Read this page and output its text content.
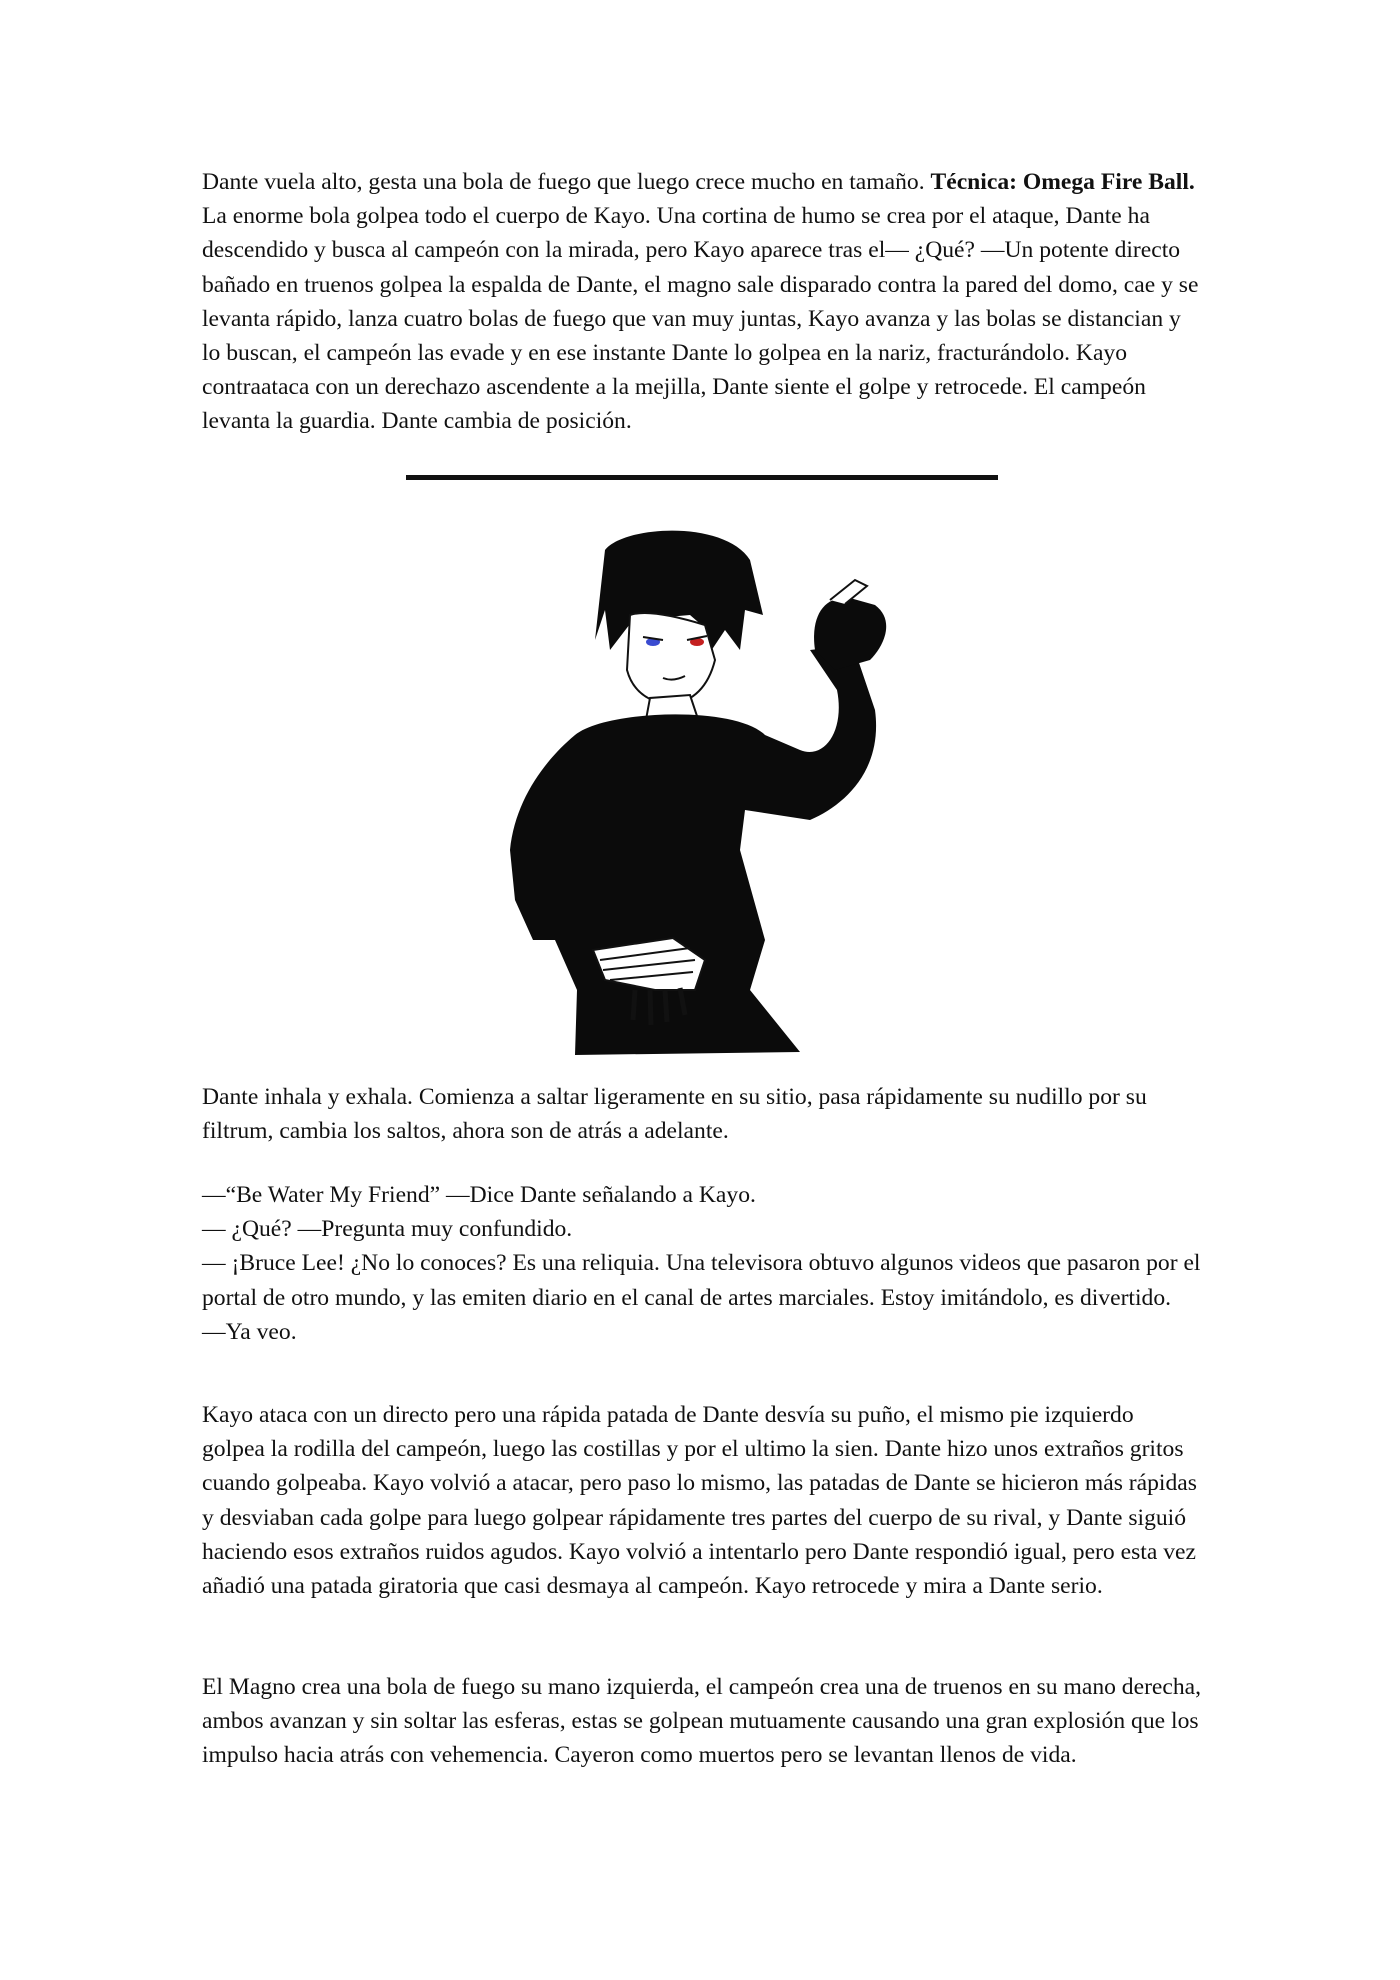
Dante vuela alto, gesta una bola de fuego que luego crece mucho en tamaño. Técnica: Omega Fire Ball. La enorme bola golpea todo el cuerpo de Kayo. Una cortina de humo se crea por el ataque, Dante ha descendido y busca al campeón con la mirada, pero Kayo aparece tras el— ¿Qué? —Un potente directo bañado en truenos golpea la espalda de Dante, el magno sale disparado contra la pared del domo, cae y se levanta rápido, lanza cuatro bolas de fuego que van muy juntas, Kayo avanza y las bolas se distancian y lo buscan, el campeón las evade y en ese instante Dante lo golpea en la nariz, fracturándolo. Kayo contraataca con un derechazo ascendente a la mejilla, Dante siente el golpe y retrocede. El campeón levanta la guardia. Dante cambia de posición.

Dante inhala y exhala. Comienza a saltar ligeramente en su sitio, pasa rápidamente su nudillo por su filtrum, cambia los saltos, ahora son de atrás a adelante.

—“Be Water My Friend” —Dice Dante señalando a Kayo.

— ¿Qué? —Pregunta muy confundido.

— ¡Bruce Lee! ¿No lo conoces? Es una reliquia. Una televisora obtuvo algunos videos que pasaron por el portal de otro mundo, y las emiten diario en el canal de artes marciales. Estoy imitándolo, es divertido.

—Ya veo.

Kayo ataca con un directo pero una rápida patada de Dante desvía su puño, el mismo pie izquierdo golpea la rodilla del campeón, luego las costillas y por el ultimo la sien. Dante hizo unos extraños gritos cuando golpeaba. Kayo volvió a atacar, pero paso lo mismo, las patadas de Dante se hicieron más rápidas y desviaban cada golpe para luego golpear rápidamente tres partes del cuerpo de su rival, y Dante siguió haciendo esos extraños ruidos agudos. Kayo volvió a intentarlo pero Dante respondió igual, pero esta vez añadió una patada giratoria que casi desmaya al campeón. Kayo retrocede y mira a Dante serio.

El Magno crea una bola de fuego su mano izquierda, el campeón crea una de truenos en su mano derecha, ambos avanzan y sin soltar las esferas, estas se golpean mutuamente causando una gran explosión que los impulso hacia atrás con vehemencia. Cayeron como muertos pero se levantan llenos de vida.
